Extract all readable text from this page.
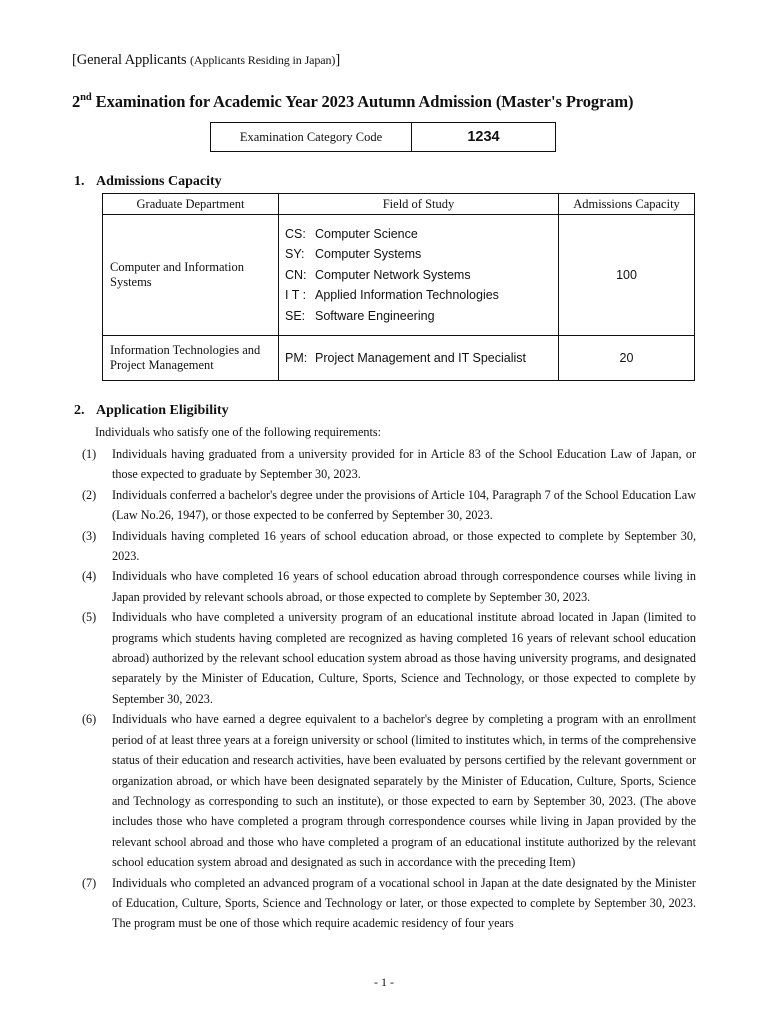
[General Applicants (Applicants Residing in Japan)]
2nd Examination for Academic Year 2023 Autumn Admission (Master's Program)
Examination Category Code	1234
1. Admissions Capacity
Graduate Department	Field of Study	Admissions Capacity
Computer and Information Systems	CS: Computer Science
SY: Computer Systems
CN: Computer Network Systems
I T : Applied Information Technologies
SE: Software Engineering	100
Information Technologies and Project Management	PM: Project Management and IT Specialist	20
2. Application Eligibility
Individuals who satisfy one of the following requirements:
(1)	Individuals having graduated from a university provided for in Article 83 of the School Education Law of Japan, or those expected to graduate by September 30, 2023.
(2)	Individuals conferred a bachelor's degree under the provisions of Article 104, Paragraph 7 of the School Education Law (Law No.26, 1947), or those expected to be conferred by September 30, 2023.
(3)	Individuals having completed 16 years of school education abroad, or those expected to complete by September 30, 2023.
(4)	Individuals who have completed 16 years of school education abroad through correspondence courses while living in Japan provided by relevant schools abroad, or those expected to complete by September 30, 2023.
(5)	Individuals who have completed a university program of an educational institute abroad located in Japan (limited to programs which students having completed are recognized as having completed 16 years of relevant school education abroad) authorized by the relevant school education system abroad as those having university programs, and designated separately by the Minister of Education, Culture, Sports, Science and Technology, or those expected to complete by September 30, 2023.
(6)	Individuals who have earned a degree equivalent to a bachelor's degree by completing a program with an enrollment period of at least three years at a foreign university or school (limited to institutes which, in terms of the comprehensive status of their education and research activities, have been evaluated by persons certified by the relevant government or organization abroad, or which have been designated separately by the Minister of Education, Culture, Sports, Science and Technology as corresponding to such an institute), or those expected to earn by September 30, 2023. (The above includes those who have completed a program through correspondence courses while living in Japan provided by the relevant school abroad and those who have completed a program of an educational institute authorized by the relevant school education system abroad and designated as such in accordance with the preceding Item)
(7)	Individuals who completed an advanced program of a vocational school in Japan at the date designated by the Minister of Education, Culture, Sports, Science and Technology or later, or those expected to complete by September 30, 2023. The program must be one of those which require academic residency of four years
- 1 -
